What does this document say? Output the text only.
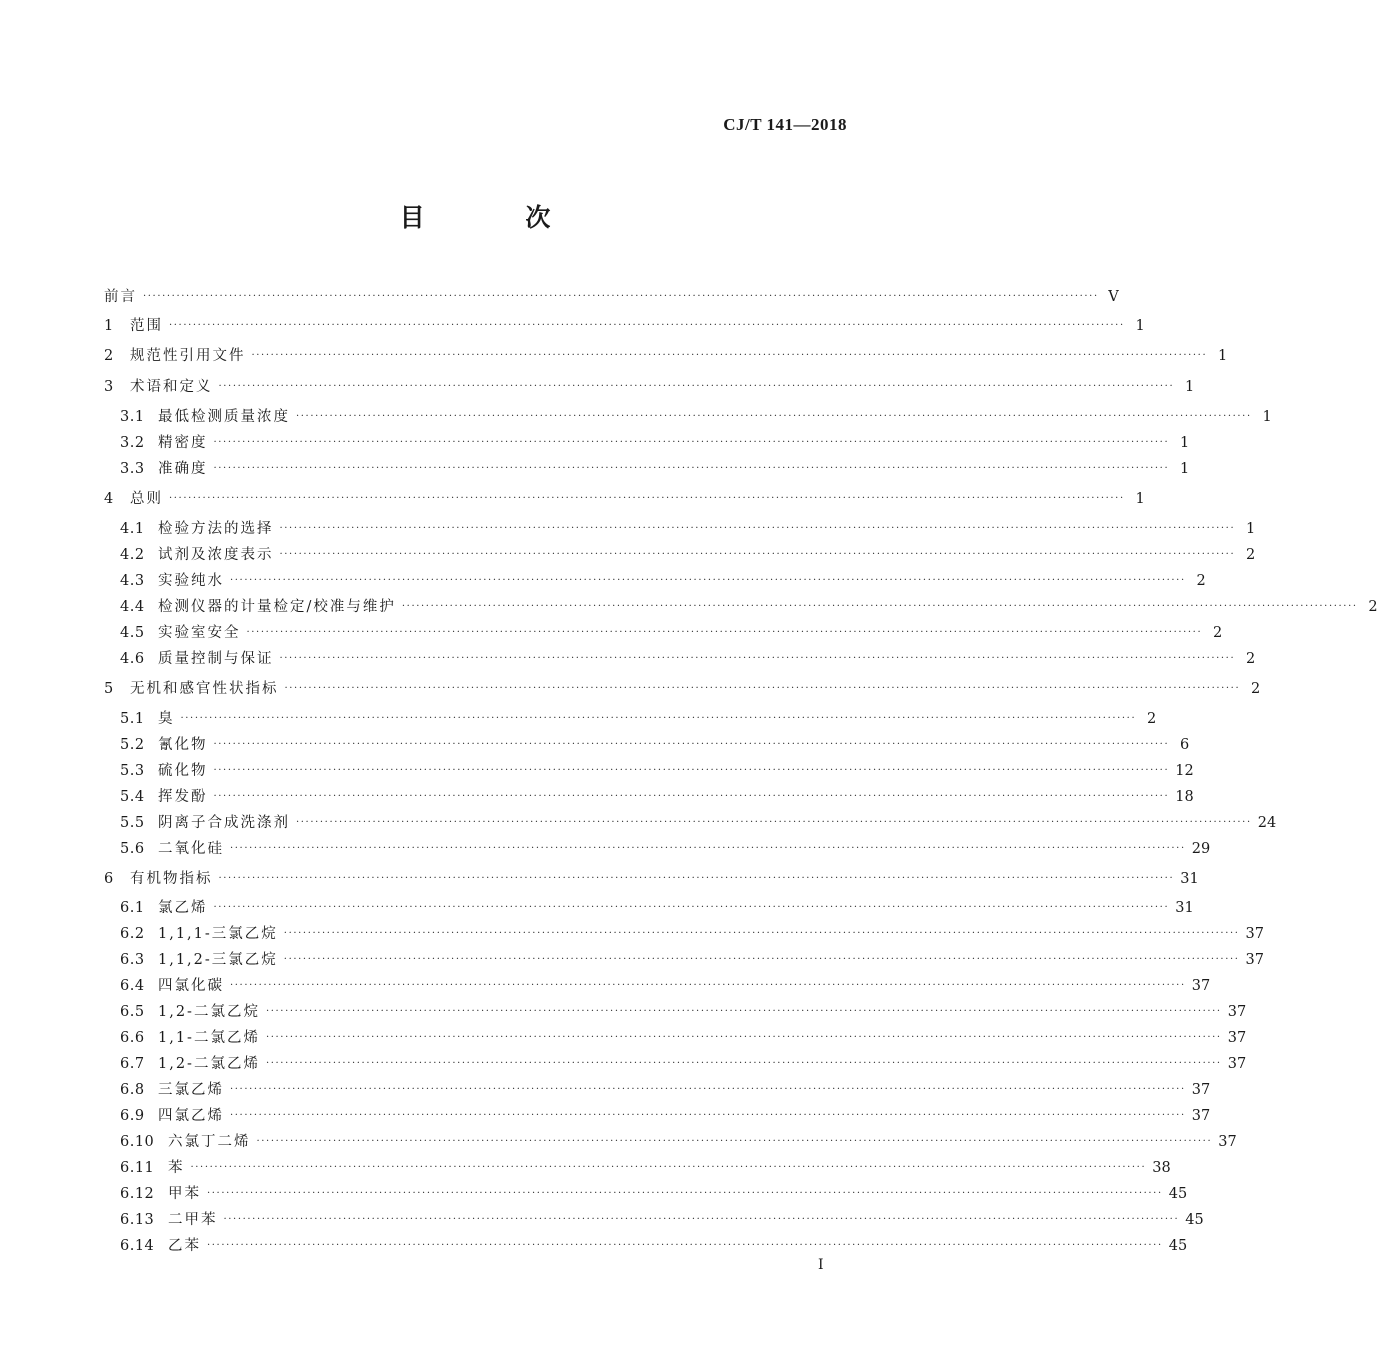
CJ/T 141—2018
目 次
前言 ········································································································································································································ V
1	范围 ········································································································································································································ 1
2	规范性引用文件 ········································································································································································································ 1
3	术语和定义 ········································································································································································································ 1
3.1 最低检测质量浓度 ········································································································································································································ 1
3.2 精密度 ········································································································································································································ 1
3.3 准确度 ········································································································································································································ 1
4	总则 ········································································································································································································ 1
4.1 检验方法的选择 ········································································································································································································ 1
4.2 试剂及浓度表示 ········································································································································································································ 2
4.3 实验纯水 ········································································································································································································ 2
4.4 检测仪器的计量检定/校准与维护 ········································································································································································································ 2
4.5 实验室安全 ········································································································································································································ 2
4.6 质量控制与保证 ········································································································································································································ 2
5	无机和感官性状指标 ········································································································································································································ 2
5.1 臭 ········································································································································································································ 2
5.2 氰化物 ········································································································································································································ 6
5.3 硫化物 ········································································································································································································ 12
5.4 挥发酚 ········································································································································································································ 18
5.5 阴离子合成洗涤剂 ········································································································································································································ 24
5.6 二氧化硅 ········································································································································································································ 29
6	有机物指标 ········································································································································································································ 31
6.1 氯乙烯 ········································································································································································································ 31
6.2 1,1,1-三氯乙烷 ········································································································································································································ 37
6.3 1,1,2-三氯乙烷 ········································································································································································································ 37
6.4 四氯化碳 ········································································································································································································ 37
6.5 1,2-二氯乙烷 ········································································································································································································ 37
6.6 1,1-二氯乙烯 ········································································································································································································ 37
6.7 1,2-二氯乙烯 ········································································································································································································ 37
6.8 三氯乙烯 ········································································································································································································ 37
6.9 四氯乙烯 ········································································································································································································ 37
6.10 六氯丁二烯 ········································································································································································································ 37
6.11 苯 ········································································································································································································ 38
6.12 甲苯 ········································································································································································································ 45
6.13 二甲苯 ········································································································································································································ 45
6.14 乙苯 ········································································································································································································ 45
I
